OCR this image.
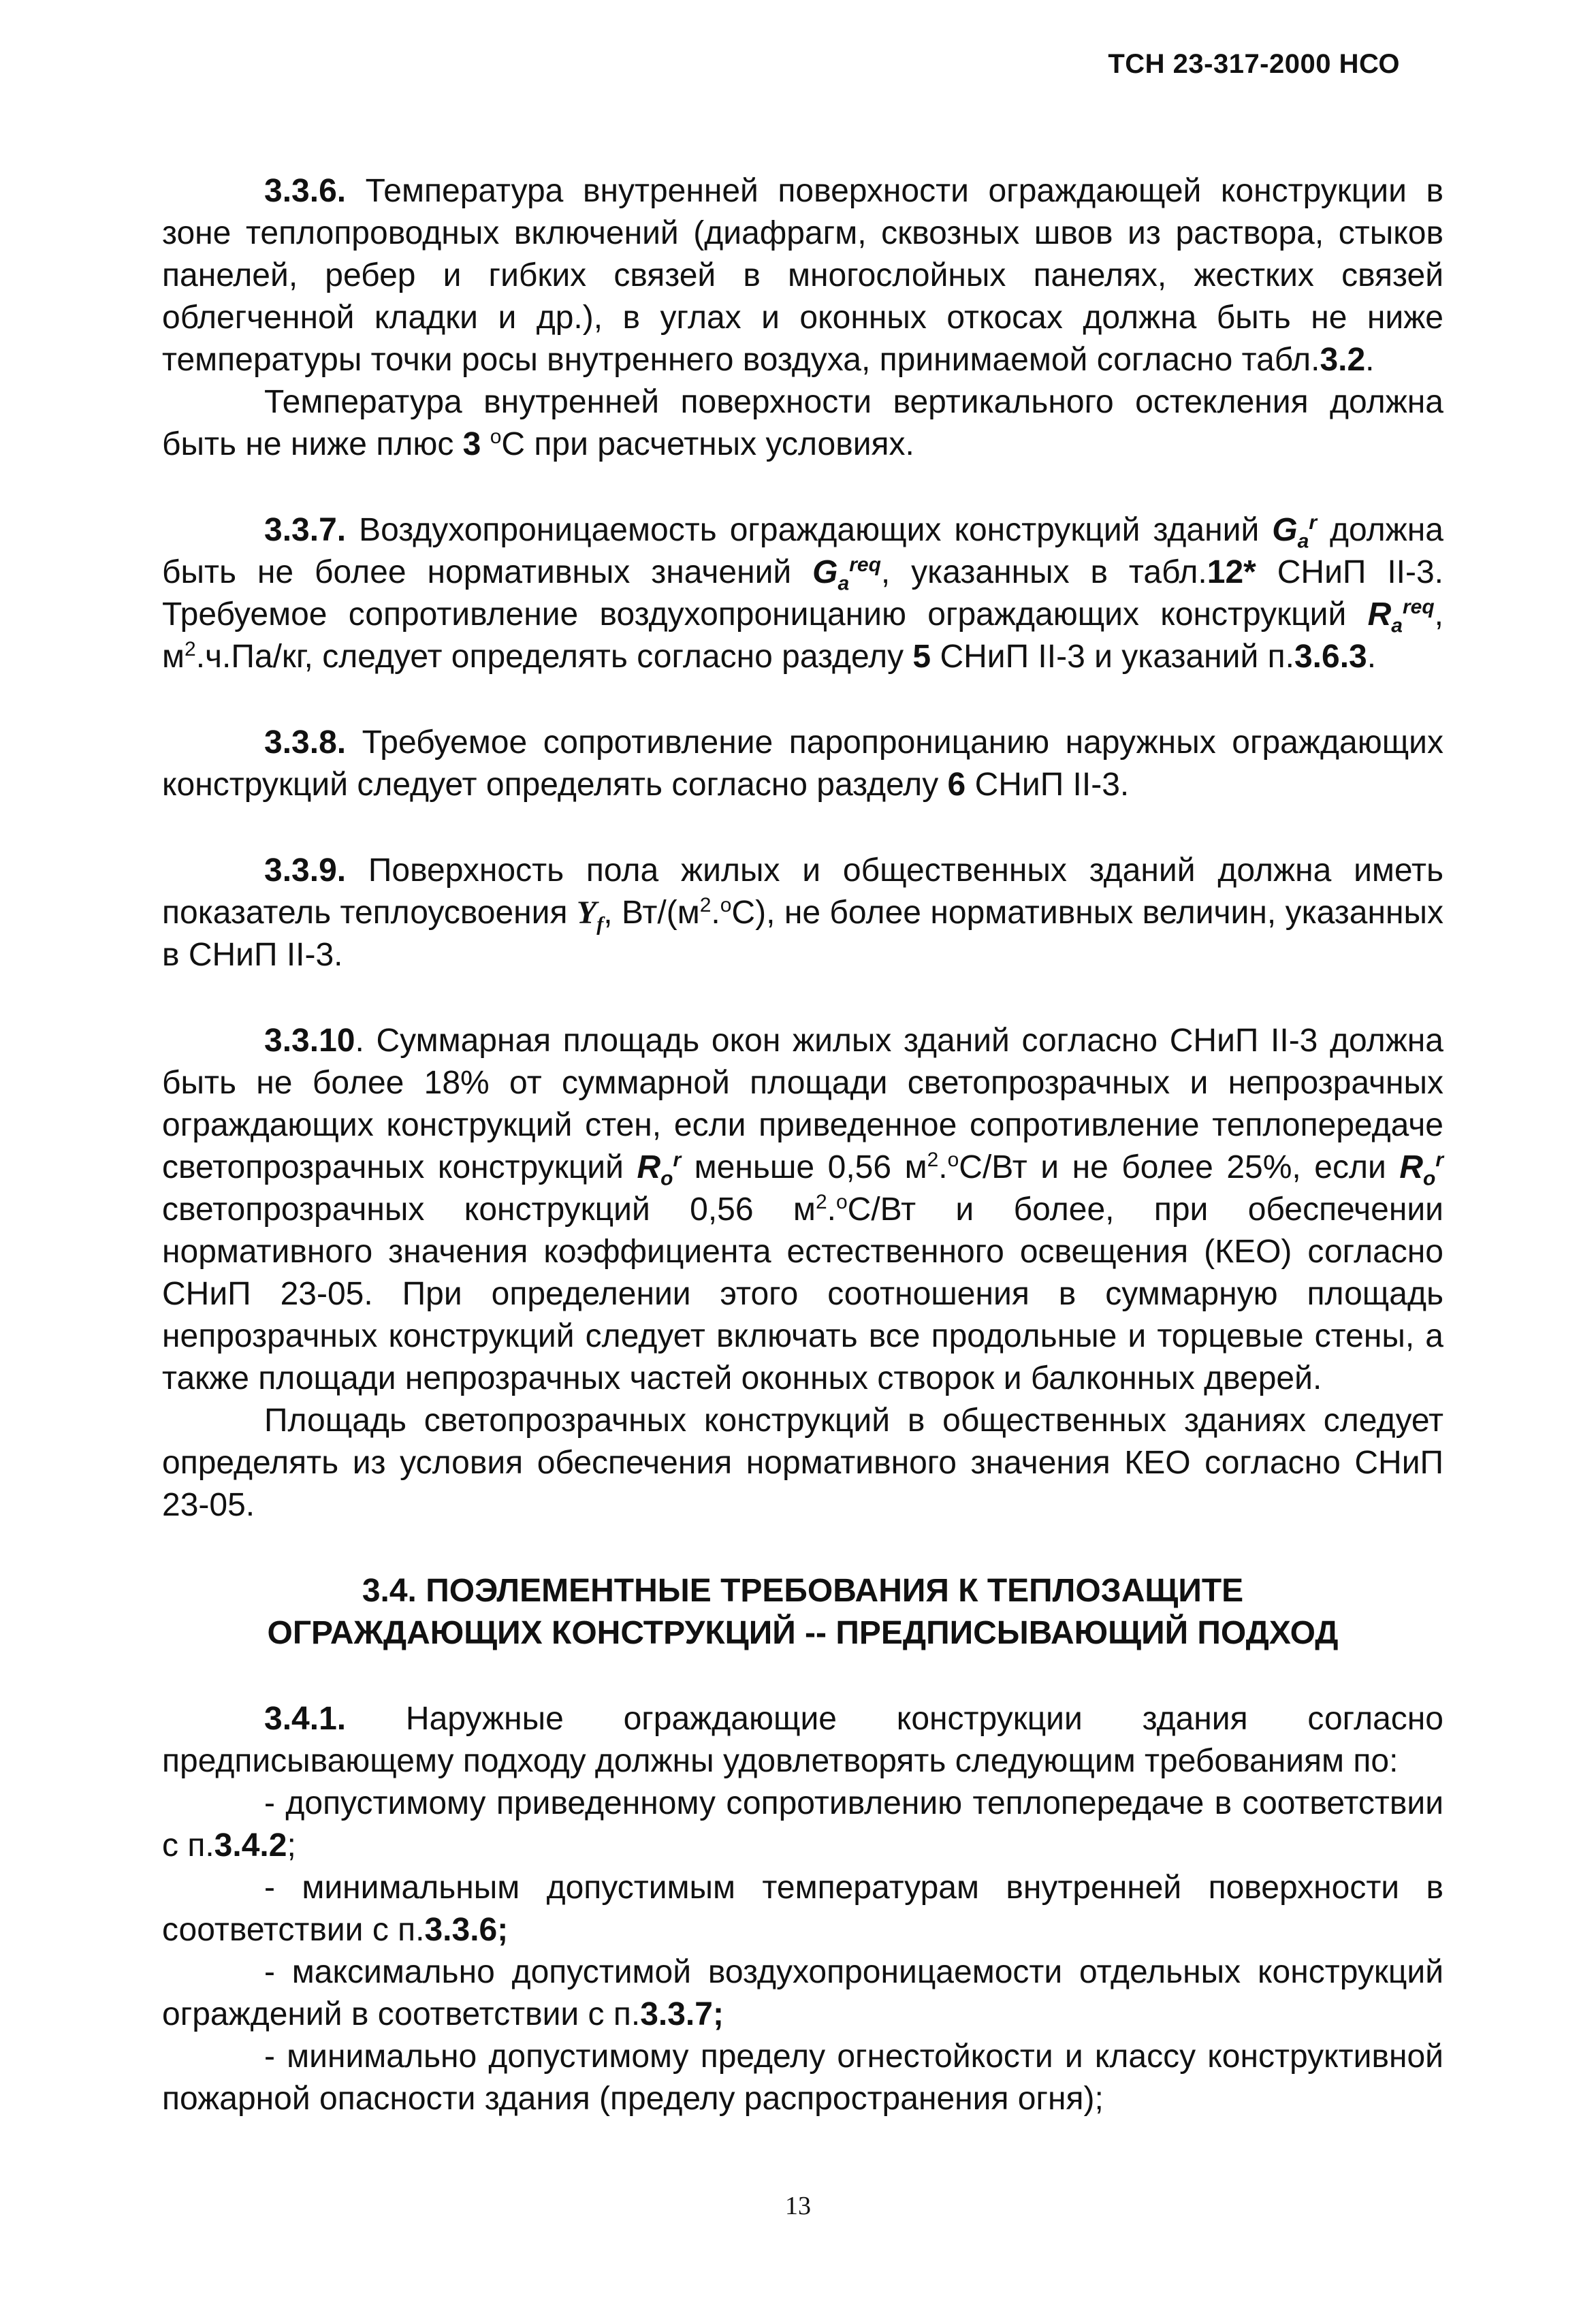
ТСН 23-317-2000 НСО

3.3.6. Температура внутренней поверхности ограждающей конструкции в зоне теплопроводных включений (диафрагм, сквозных швов из раствора, стыков панелей, ребер и гибких связей в многослойных панелях, жестких связей облегченной кладки и др.), в углах и оконных откосах должна быть не ниже температуры точки росы внутреннего воздуха, принимаемой согласно табл.3.2.

Температура внутренней поверхности вертикального остекления должна быть не ниже плюс 3 $^o$С при расчетных условиях.

3.3.7. Воздухопроницаемость ограждающих конструкций зданий $G_a^r$ должна быть не более нормативных значений $G_a^{req}$, указанных в табл.12* СНиП II-3. Требуемое сопротивление воздухопроницанию ограждающих конструкций $R_a^{req}$, $м^2.ч.Па/кг$, следует определять согласно разделу 5 СНиП II-3 и указаний п.3.6.3.

3.3.8. Требуемое сопротивление паропроницанию наружных ограждающих конструкций следует определять согласно разделу 6 СНиП II-3.

3.3.9. Поверхность пола жилых и общественных зданий должна иметь показатель теплоусвоения $Y_f$, $Вт/(м^2.^oС)$, не более нормативных величин, указанных в СНиП II-3.

3.3.10. Суммарная площадь окон жилых зданий согласно СНиП II-3 должна быть не более 18% от суммарной площади светопрозрачных и непрозрачных ограждающих конструкций стен, если приведенное сопротивление теплопередаче светопрозрачных конструкций $R_o^r$ меньше 0,56 $м^2.^oС/Вт$ и не более 25%, если $R_o^r$ светопрозрачных конструкций 0,56 $м^2.^oС/Вт$ и более, при обеспечении нормативного значения коэффициента естественного освещения (КЕО) согласно СНиП 23-05. При определении этого соотношения в суммарную площадь непрозрачных конструкций следует включать все продольные и торцевые стены, а также площади непрозрачных частей оконных створок и балконных дверей.

Площадь светопрозрачных конструкций в общественных зданиях следует определять из условия обеспечения нормативного значения КЕО согласно СНиП 23-05.

3.4. ПОЭЛЕМЕНТНЫЕ ТРЕБОВАНИЯ К ТЕПЛОЗАЩИТЕ
ОГРАЖДАЮЩИХ КОНСТРУКЦИЙ -- ПРЕДПИСЫВАЮЩИЙ ПОДХОД

3.4.1. Наружные ограждающие конструкции здания согласно предписывающему подходу должны удовлетворять следующим требованиям по:

- допустимому приведенному сопротивлению теплопередаче в соответствии с п.3.4.2;

- минимальным допустимым температурам внутренней поверхности в соответствии с п.3.3.6;

- максимально допустимой воздухопроницаемости отдельных конструкций ограждений в соответствии с п.3.3.7;

- минимально допустимому пределу огнестойкости и классу конструктивной пожарной опасности здания (пределу распространения огня);

13
